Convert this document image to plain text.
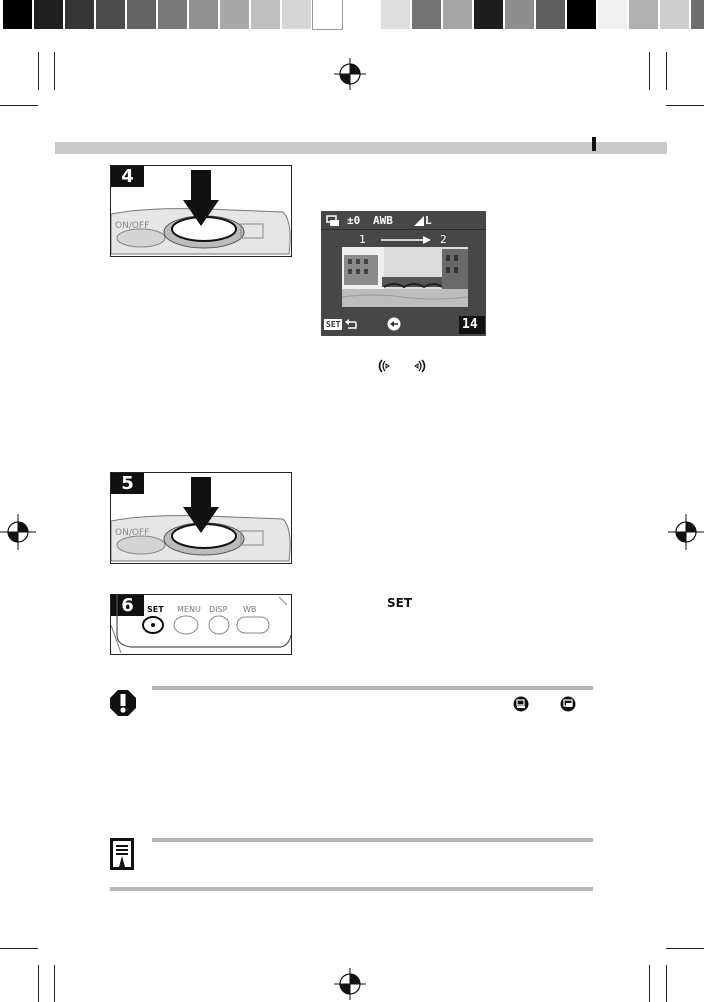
4
ON/OFF	±0 AWB	L
1	2
SET	14
5
ON/OFF
6	SET MENU DISP WB	SET
